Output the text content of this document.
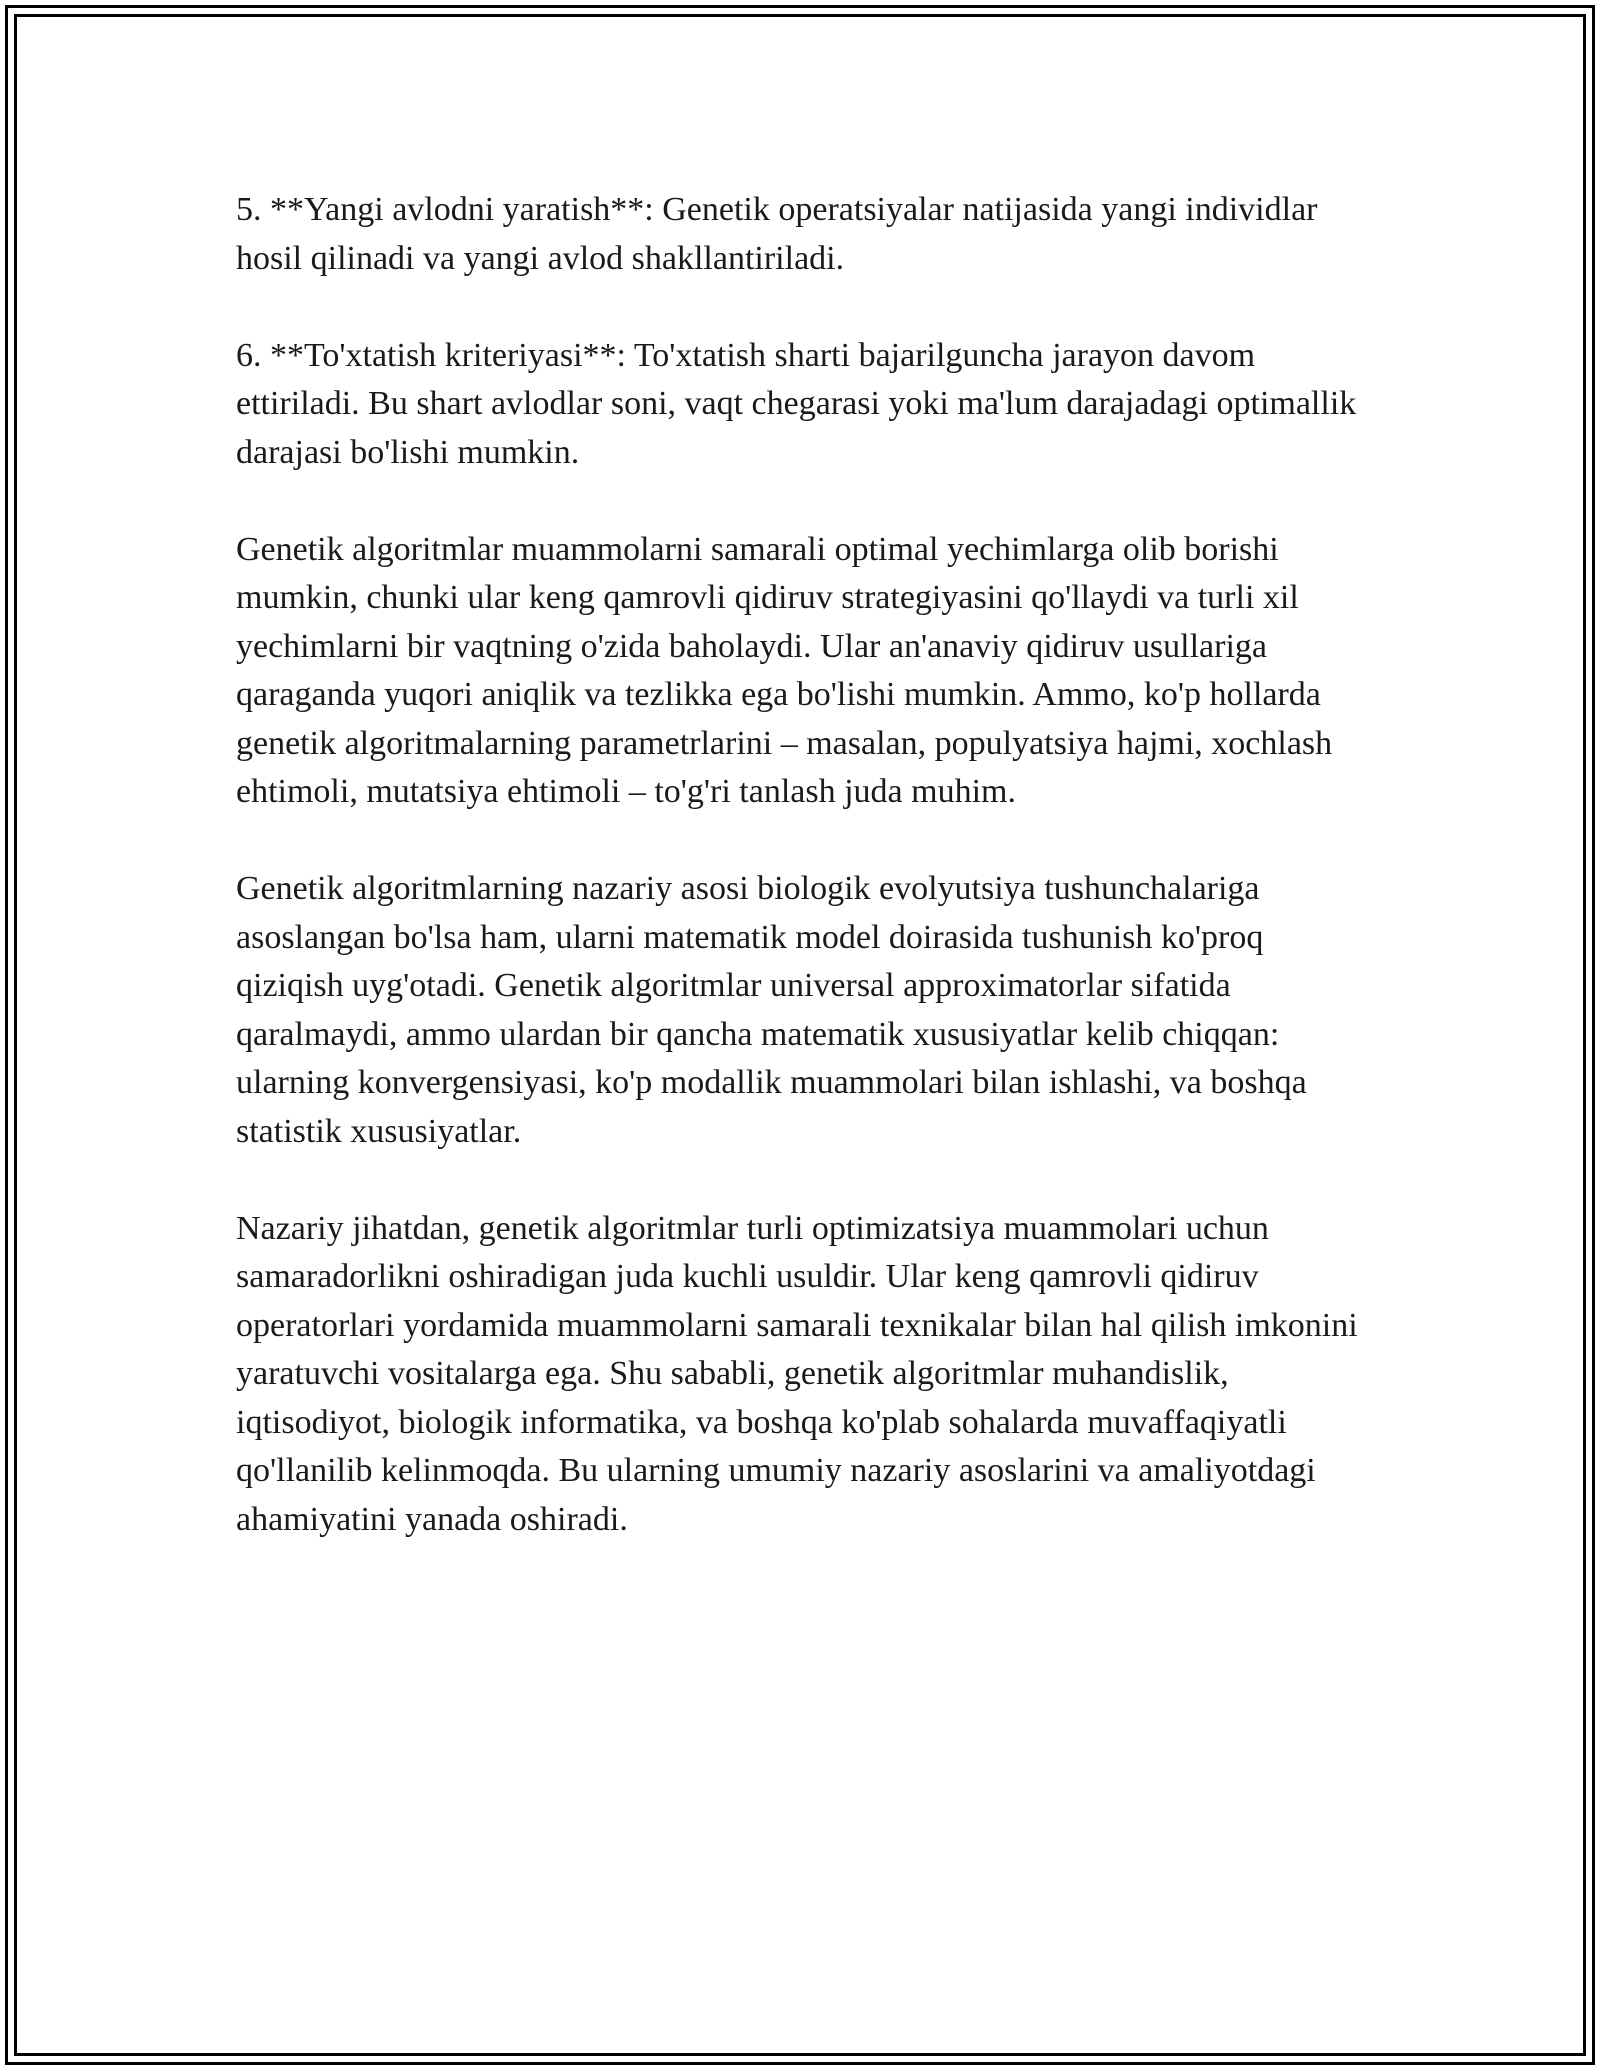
5. **Yangi avlodni yaratish**: Genetik operatsiyalar natijasida yangi individlar hosil qilinadi va yangi avlod shakllantiriladi.

6. **To'xtatish kriteriyasi**: To'xtatish sharti bajarilguncha jarayon davom ettiriladi. Bu shart avlodlar soni, vaqt chegarasi yoki ma'lum darajadagi optimallik darajasi bo'lishi mumkin.

Genetik algoritmlar muammolarni samarali optimal yechimlarga olib borishi mumkin, chunki ular keng qamrovli qidiruv strategiyasini qo'llaydi va turli xil yechimlarni bir vaqtning o'zida baholaydi. Ular an'anaviy qidiruv usullariga qaraganda yuqori aniqlik va tezlikka ega bo'lishi mumkin. Ammo, ko'p hollarda genetik algoritmalarning parametrlarini – masalan, populyatsiya hajmi, xochlash ehtimoli, mutatsiya ehtimoli – to'g'ri tanlash juda muhim.

Genetik algoritmlarning nazariy asosi biologik evolyutsiya tushunchalariga asoslangan bo'lsa ham, ularni matematik model doirasida tushunish ko'proq qiziqish uyg'otadi. Genetik algoritmlar universal approximatorlar sifatida qaralmaydi, ammo ulardan bir qancha matematik xususiyatlar kelib chiqqan: ularning konvergensiyasi, ko'p modallik muammolari bilan ishlashi, va boshqa statistik xususiyatlar.

Nazariy jihatdan, genetik algoritmlar turli optimizatsiya muammolari uchun samaradorlikni oshiradigan juda kuchli usuldir. Ular keng qamrovli qidiruv operatorlari yordamida muammolarni samarali texnikalar bilan hal qilish imkonini yaratuvchi vositalarga ega. Shu sababli, genetik algoritmlar muhandislik, iqtisodiyot, biologik informatika, va boshqa ko'plab sohalarda muvaffaqiyatli qo'llanilib kelinmoqda. Bu ularning umumiy nazariy asoslarini va amaliyotdagi ahamiyatini yanada oshiradi.
